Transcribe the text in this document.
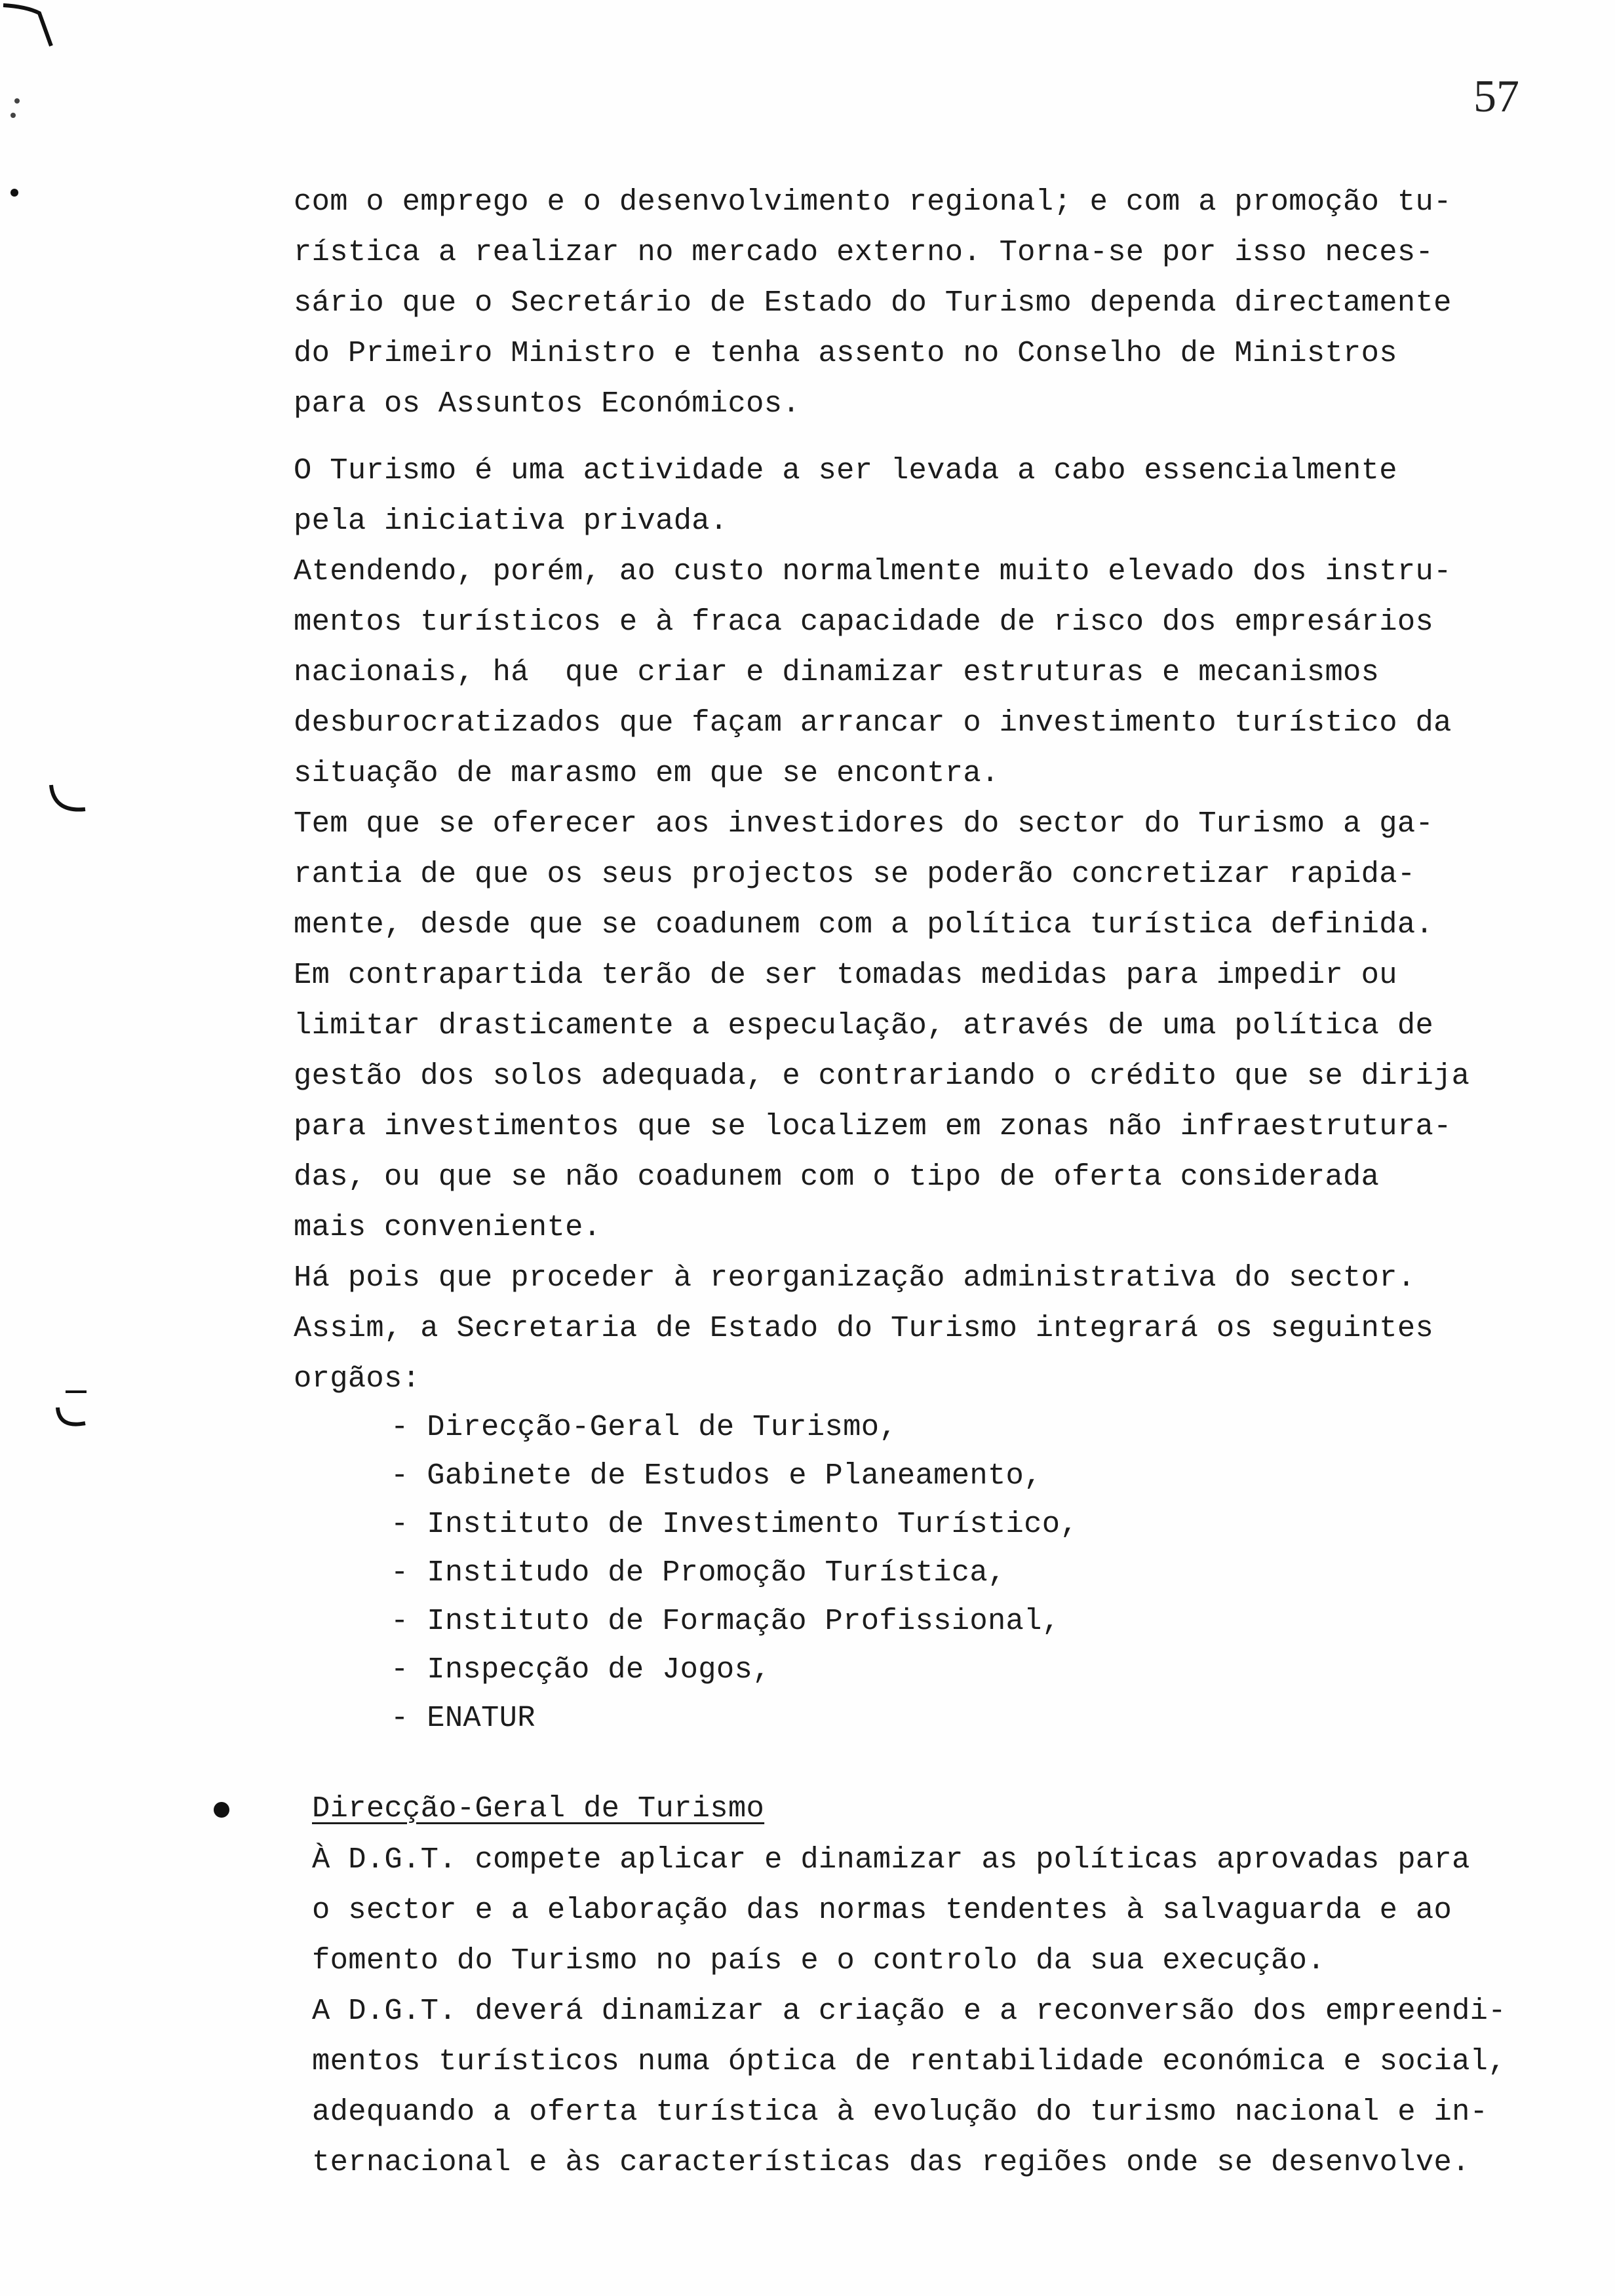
57
com o emprego e o desenvolvimento regional; e com a promoção tu-
rística a realizar no mercado externo. Torna-se por isso neces-
sário que o Secretário de Estado do Turismo dependa directamente
do Primeiro Ministro e tenha assento no Conselho de Ministros
para os Assuntos Económicos.
O Turismo é uma actividade a ser levada a cabo essencialmente
pela iniciativa privada.
Atendendo, porém, ao custo normalmente muito elevado dos instru-
mentos turísticos e à fraca capacidade de risco dos empresários
nacionais, há  que criar e dinamizar estruturas e mecanismos
desburocratizados que façam arrancar o investimento turístico da
situação de marasmo em que se encontra.
Tem que se oferecer aos investidores do sector do Turismo a ga-
rantia de que os seus projectos se poderão concretizar rapida-
mente, desde que se coadunem com a política turística definida.
Em contrapartida terão de ser tomadas medidas para impedir ou
limitar drasticamente a especulação, através de uma política de
gestão dos solos adequada, e contrariando o crédito que se dirija
para investimentos que se localizem em zonas não infraestrutura-
das, ou que se não coadunem com o tipo de oferta considerada
mais conveniente.
Há pois que proceder à reorganização administrativa do sector.
Assim, a Secretaria de Estado do Turismo integrará os seguintes
orgãos:
- Direcção-Geral de Turismo,
- Gabinete de Estudos e Planeamento,
- Instituto de Investimento Turístico,
- Institudo de Promoção Turística,
- Instituto de Formação Profissional,
- Inspecção de Jogos,
- ENATUR
Direcção-Geral de Turismo
À D.G.T. compete aplicar e dinamizar as políticas aprovadas para
o sector e a elaboração das normas tendentes à salvaguarda e ao
fomento do Turismo no país e o controlo da sua execução.
A D.G.T. deverá dinamizar a criação e a reconversão dos empreendi-
mentos turísticos numa óptica de rentabilidade económica e social,
adequando a oferta turística à evolução do turismo nacional e in-
ternacional e às características das regiões onde se desenvolve.
